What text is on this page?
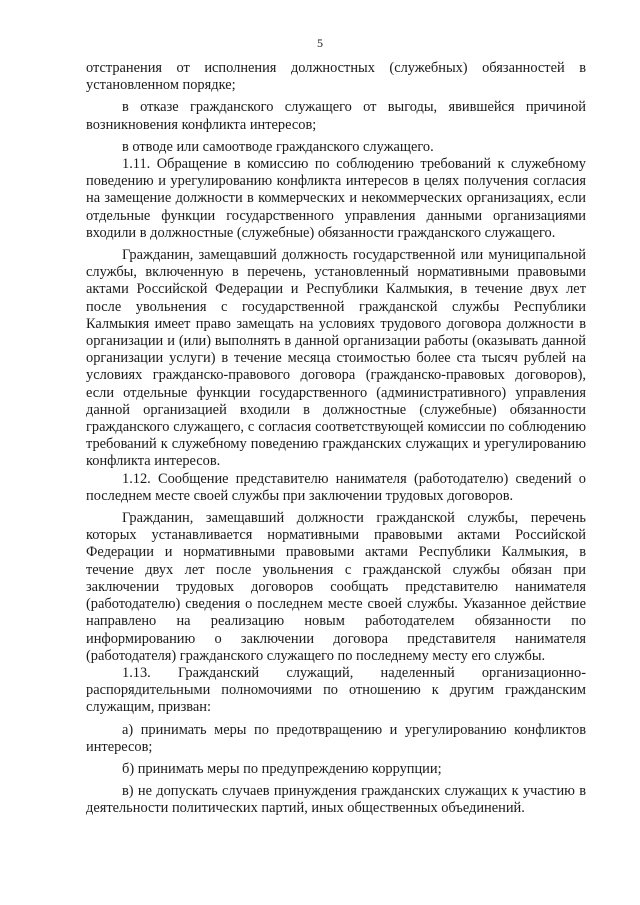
5

отстранения от исполнения должностных (служебных) обязанностей в установленном порядке;

в отказе гражданского служащего от выгоды, явившейся причиной возникновения конфликта интересов;

в отводе или самоотводе гражданского служащего.

1.11. Обращение в комиссию по соблюдению требований к служебному поведению и урегулированию конфликта интересов в целях получения согласия на замещение должности в коммерческих и некоммерческих организациях, если отдельные функции государственного управления данными организациями входили в должностные (служебные) обязанности гражданского служащего.

Гражданин, замещавший должность государственной или муниципальной службы, включенную в перечень, установленный нормативными правовыми актами Российской Федерации и Республики Калмыкия, в течение двух лет после увольнения с государственной гражданской службы Республики Калмыкия имеет право замещать на условиях трудового договора должности в организации и (или) выполнять в данной организации работы (оказывать данной организации услуги) в течение месяца стоимостью более ста тысяч рублей на условиях гражданско-правового договора (гражданско-правовых договоров), если отдельные функции государственного (административного) управления данной организацией входили в должностные (служебные) обязанности гражданского служащего, с согласия соответствующей комиссии по соблюдению требований к служебному поведению гражданских служащих и урегулированию конфликта интересов.

1.12. Сообщение представителю нанимателя (работодателю) сведений о последнем месте своей службы при заключении трудовых договоров.

Гражданин, замещавший должности гражданской службы, перечень которых устанавливается нормативными правовыми актами Российской Федерации и нормативными правовыми актами Республики Калмыкия, в течение двух лет после увольнения с гражданской службы обязан при заключении трудовых договоров сообщать представителю нанимателя (работодателю) сведения о последнем месте своей службы. Указанное действие направлено на реализацию новым работодателем обязанности по информированию о заключении договора представителя нанимателя (работодателя) гражданского служащего по последнему месту его службы.

1.13. Гражданский служащий, наделенный организационно-распорядительными полномочиями по отношению к другим гражданским служащим, призван:

а) принимать меры по предотвращению и урегулированию конфликтов интересов;

б) принимать меры по предупреждению коррупции;

в) не допускать случаев принуждения гражданских служащих к участию в деятельности политических партий, иных общественных объединений.
